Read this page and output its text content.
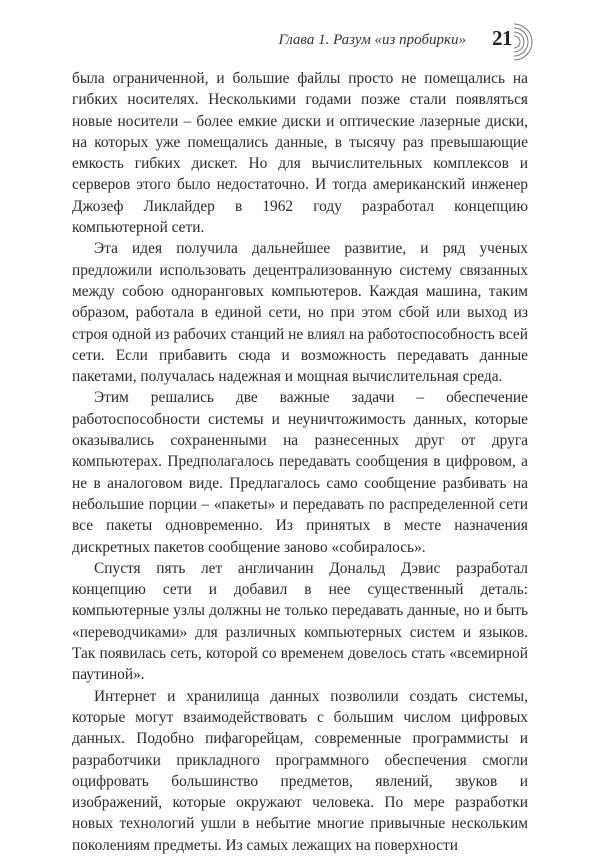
Глава 1. Разум «из пробирки» 21

была ограниченной, и большие файлы просто не помещались на гибких носителях. Несколькими годами позже стали появляться новые носители – более емкие диски и оптические лазерные диски, на которых уже помещались данные, в тысячу раз превышающие емкость гибких дискет. Но для вычислительных комплексов и серверов этого было недостаточно. И тогда американский инженер Джозеф Ликлайдер в 1962 году разработал концепцию компьютерной сети.

Эта идея получила дальнейшее развитие, и ряд ученых предложили использовать децентрализованную систему связанных между собою одноранговых компьютеров. Каждая машина, таким образом, работала в единой сети, но при этом сбой или выход из строя одной из рабочих станций не влиял на работоспособность всей сети. Если прибавить сюда и возможность передавать данные пакетами, получалась надежная и мощная вычислительная среда.

Этим решались две важные задачи – обеспечение работоспособности системы и неуничтожимость данных, которые оказывались сохраненными на разнесенных друг от друга компьютерах. Предполагалось передавать сообщения в цифровом, а не в аналоговом виде. Предлагалось само сообщение разбивать на небольшие порции – «пакеты» и передавать по распределенной сети все пакеты одновременно. Из принятых в месте назначения дискретных пакетов сообщение заново «собиралось».

Спустя пять лет англичанин Дональд Дэвис разработал концепцию сети и добавил в нее существенный деталь: компьютерные узлы должны не только передавать данные, но и быть «переводчиками» для различных компьютерных систем и языков. Так появилась сеть, которой со временем довелось стать «всемирной паутиной».

Интернет и хранилища данных позволили создать системы, которые могут взаимодействовать с большим числом цифровых данных. Подобно пифагорейцам, современные программисты и разработчики прикладного программного обеспечения смогли оцифровать большинство предметов, явлений, звуков и изображений, которые окружают человека. По мере разработки новых технологий ушли в небытие многие привычные нескольким поколениям предметы. Из самых лежащих на поверхности
